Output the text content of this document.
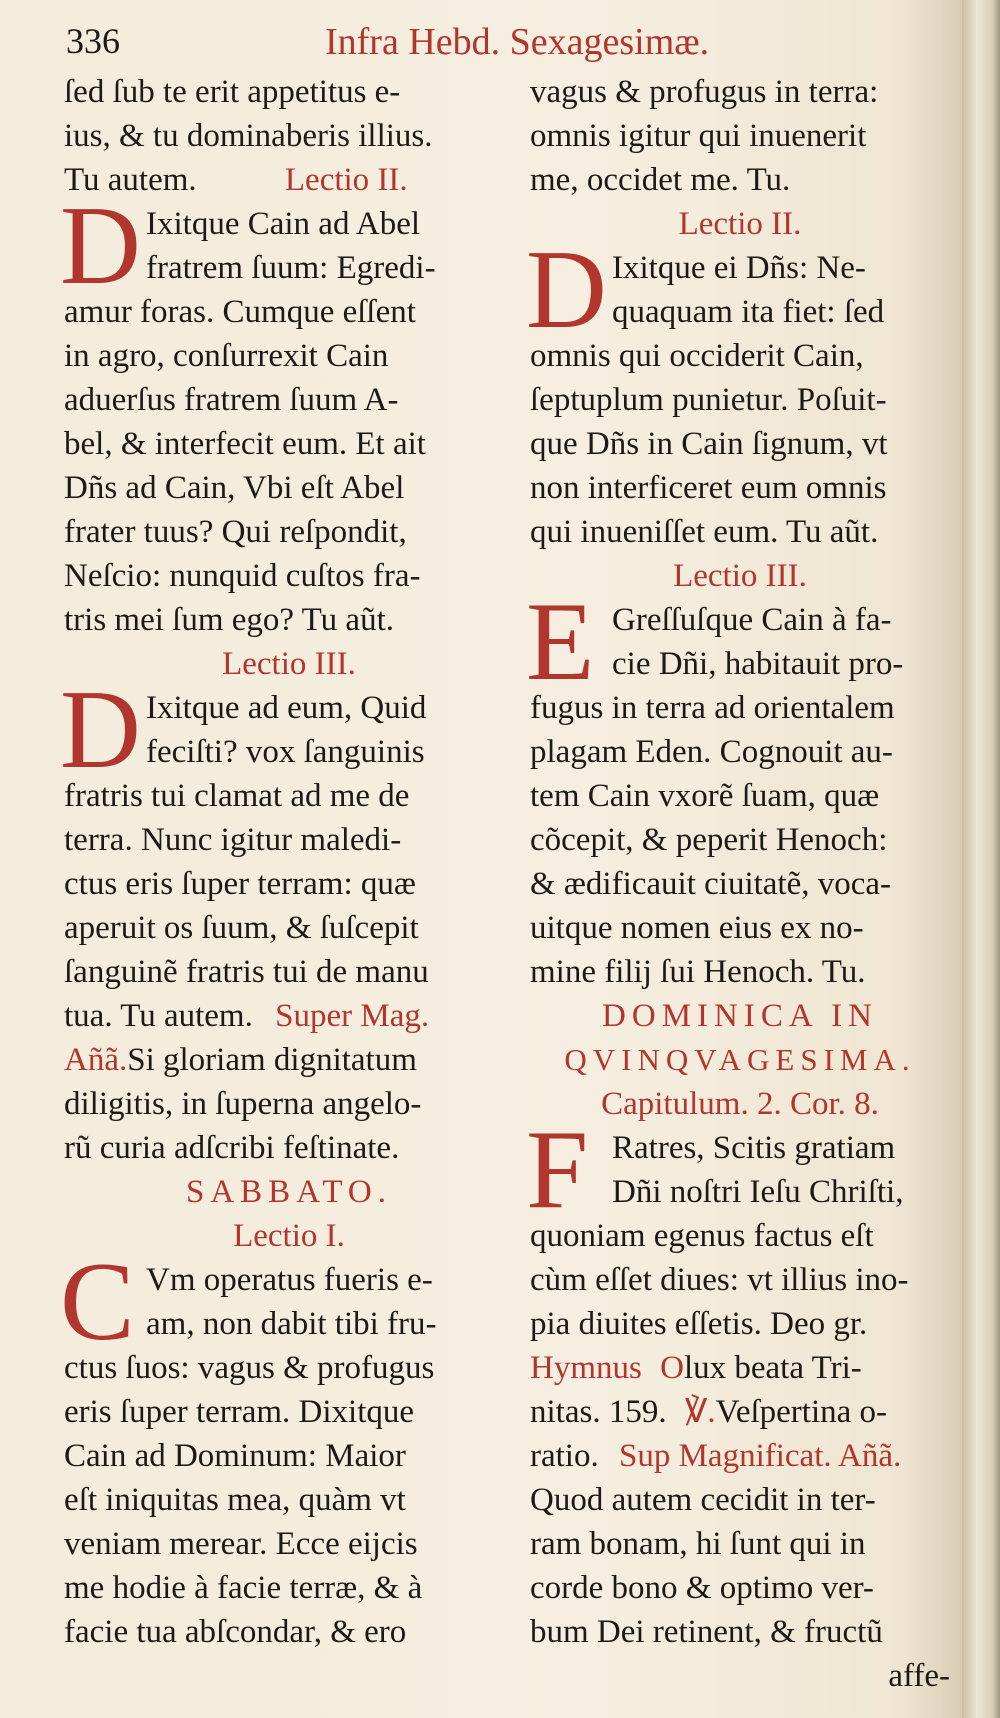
336	Infra Hebd. Sexagesimæ.
ſed ſub te erit appetitus e-
ius, & tu dominaberis illius.
Tu autem.	Lectio II.
D Ixitque Cain ad Abel
fratrem ſuum: Egredi-
amur foras. Cumque eſſent
in agro, conſurrexit Cain
aduerſus fratrem ſuum A-
bel, & interfecit eum. Et ait
Dñs ad Cain, Vbi eſt Abel
frater tuus? Qui reſpondit,
Neſcio: nunquid cuſtos fra-
tris mei ſum ego? Tu aũt.
Lectio III.
D Ixitque ad eum, Quid
feciſti? vox ſanguinis
fratris tui clamat ad me de
terra. Nunc igitur maledi-
ctus eris ſuper terram: quæ
aperuit os ſuum, & ſuſcepit
ſanguinẽ fratris tui de manu
tua. Tu autem. Super Mag.
Añã.Si gloriam dignitatum
diligitis, in ſuperna angelo-
rũ curia adſcribi feſtinate.
SABBATO.
Lectio I.
C Vm operatus fueris e-
am, non dabit tibi fru-
ctus ſuos: vagus & profugus
eris ſuper terram. Dixitque
Cain ad Dominum: Maior
eſt iniquitas mea, quàm vt
veniam merear. Ecce eijcis
me hodie à facie terræ, & à
facie tua abſcondar, & ero
vagus & profugus in terra:
omnis igitur qui inuenerit
me, occidet me. Tu.
Lectio II.
D Ixitque ei Dñs: Ne-
quaquam ita fiet: ſed
omnis qui occiderit Cain,
ſeptuplum punietur. Poſuit-
que Dñs in Cain ſignum, vt
non interficeret eum omnis
qui inueniſſet eum. Tu aũt.
Lectio III.
E Greſſuſque Cain à fa-
cie Dñi, habitauit pro-
fugus in terra ad orientalem
plagam Eden. Cognouit au-
tem Cain vxorẽ ſuam, quæ
cõcepit, & peperit Henoch:
& ædificauit ciuitatẽ, voca-
uitque nomen eius ex no-
mine filij ſui Henoch. Tu.
DOMINICA IN
QVINQVAGESIMA.
Capitulum. 2. Cor. 8.
F Ratres, Scitis gratiam
Dñi noſtri Ieſu Chriſti,
quoniam egenus factus eſt
cùm eſſet diues: vt illius ino-
pia diuites eſſetis. Deo gr.
Hymnus Olux beata Tri-
nitas. 159. ℣.Veſpertina o-
ratio. Sup Magnificat. Añã.
Quod autem cecidit in ter-
ram bonam, hi ſunt qui in
corde bono & optimo ver-
bum Dei retinent, & fructũ
affe-
